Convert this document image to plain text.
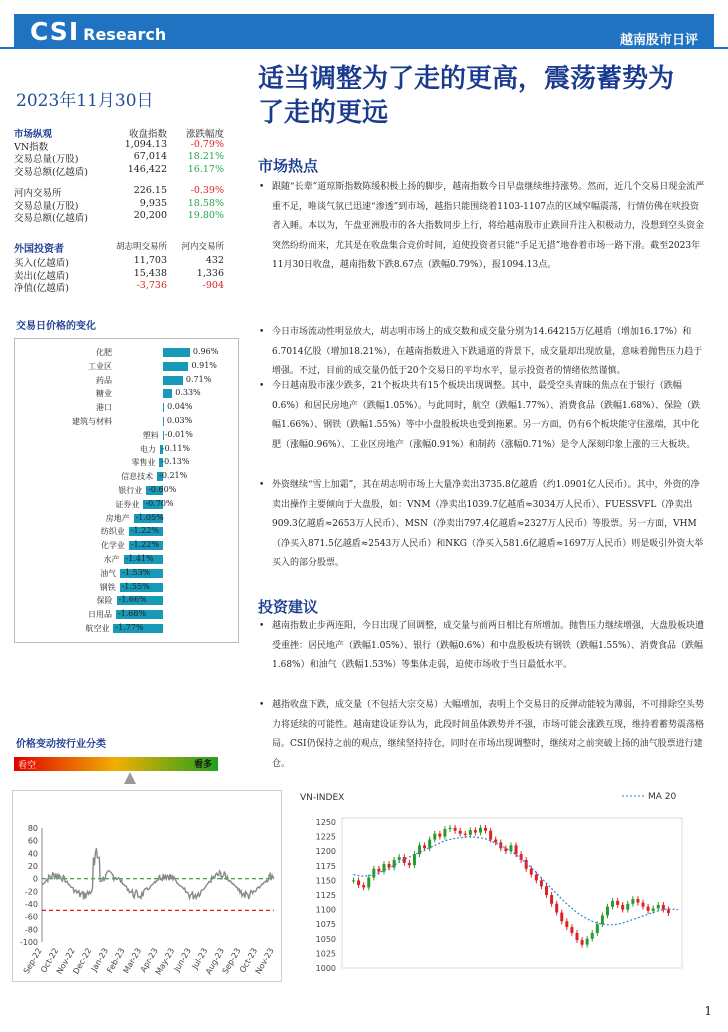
CSI Research	越南股市日评
2023年11月30日
适当调整为了走的更高，震荡蓄势为了走的更远
市场纵观	收盘指数 涨跌幅度
VN指数	1,094.13 -0.79%
交易总量(万股)	67,014 18.21%
交易总额(亿越盾)	146,422 16.17%
河内交易所	226.15 -0.39%
交易总量(万股)	9,935 18.58%
交易总额(亿越盾)	20,200 19.80%
外国投资者	胡志明交易所 河内交易所
买入(亿越盾)	11,703	432
卖出(亿越盾)	15,438	1,336
净值(亿越盾)	-3,736	-904
交易日价格的变化
化肥	0.96%
工业区	0.91%
药品	0.71%
糖业	0.33%
港口	0.04%
建筑与材料	0.03%
塑料 -0.01%
电力 -0.11%
零售业 -0.13%
信息技术 -0.21%
银行业 -0.60%
证券业 -0.70%
房地产 -1.05%
纺织业 -1.22%
化学业 -1.22%
水产 -1.41%
油气 -1.53%
钢铁 -1.55%
保险 -1.66%
日用品 -1.68%
航空业 -1.77%
价格变动按行业分类
看空	看多
80
60
40
20
0
-20
-40
-60
-80
-100
Sep-22
Oct-22
Nov-22
Dec-22
Jan-23
Feb-23
Mar-23
Apr-23
May-23
Jun-23
Jul-23
Aug-23
Sep-23
Oct-23
Nov-23
VN-INDEX	MA 20
1250
1225
1200
1175
1150
1125
1100
1075
1050
1025
1000
市场热点
• 跟随“长辈”道琼斯指数陈缓积极上扬的脚步，越南指数今日早盘继续维持涨势。然而，近几个交易日现金流严重不足，唯谈气氛已迅速“渗透”到市场，越指只能围绕着1103-1107点的区域窄幅震荡，行情仿佛在吠投资者入睡。本以为，午盘亚洲股市的各大指数同步上行，将给越南股市止跌回升注入积极动力，没想到空头资金突然纷纷而来，尤其是在收盘集合竞价时间，迫使投资者只能“手足无措”地眷着市场一路下滑。截至2023年11月30日收盘，越南指数下跌8.67点（跌幅0.79%），报1094.13点。
• 今日市场流动性明显放大，胡志明市场上的成交数和成交量分别为14.64215万亿越盾（增加16.17%）和6.7014亿股（增加18.21%），在越南指数进入下跌通道的背景下，成交量却出现放量，意味着抛售压力趋于增强。不过，目前的成交量仍低于20个交易日的平均水平，显示投资者的情绪依然谨慎。
• 今日越南股市涨少跌多，21个板块共有15个板块出现调整。其中，最受空头青睐的焦点在于银行（跌幅0.6%）和居民房地产（跌幅1.05%）。与此同时，航空（跌幅1.77%）、消费食品（跌幅1.68%）、保险（跌幅1.66%）、钢铁（跌幅1.55%）等中小盘股板块也受到拖累。另一方面，仍有6个板块能守住涨端，其中化肥（涨幅0.96%）、工业区房地产（涨幅0.91%）和制药（涨幅0.71%）是令人深刻印象上涨的三大板块。
• 外资继续“雪上加霜”，其在胡志明市场上大量净卖出3735.8亿越盾（约1.0901亿人民币）。其中，外资的净卖出操作主要倾向于大盘股，如：VNM（净卖出1039.7亿越盾≈3034万人民币）、FUESSVFL（净卖出909.3亿越盾≈2653万人民币）、MSN（净卖出797.4亿越盾≈2327万人民币）等股票。另一方面，VHM（净买入871.5亿越盾≈2543万人民币）和NKG（净买入581.6亿越盾≈1697万人民币）则是吸引外资大举买入的部分股票。
投资建议
• 越南指数止步两连阳，今日出现了回调整，成交量与前两日相比有所增加。抛售压力继续增强，大盘股板块遭受重挫：居民地产（跌幅1.05%）、银行（跌幅0.6%）和中盘股板块有钢铁（跌幅1.55%）、消费食品（跌幅1.68%）和油气（跌幅1.53%）等集体走弱，迫使市场收于当日最低水平。
• 越指收盘下跌，成交量（不包括大宗交易）大幅增加，表明上个交易日的反弹动能较为薄弱，不可排除空头势力将延续的可能性。越南建设证券认为，此段时间虽体跌势并不强，市场可能会涨跌互现，维持着蓄势震荡格局。CSI仍保持之前的观点，继续坚持持仓，同时在市场出现调整时，继续对之前突破上扬的油气股票进行建仓。
1
